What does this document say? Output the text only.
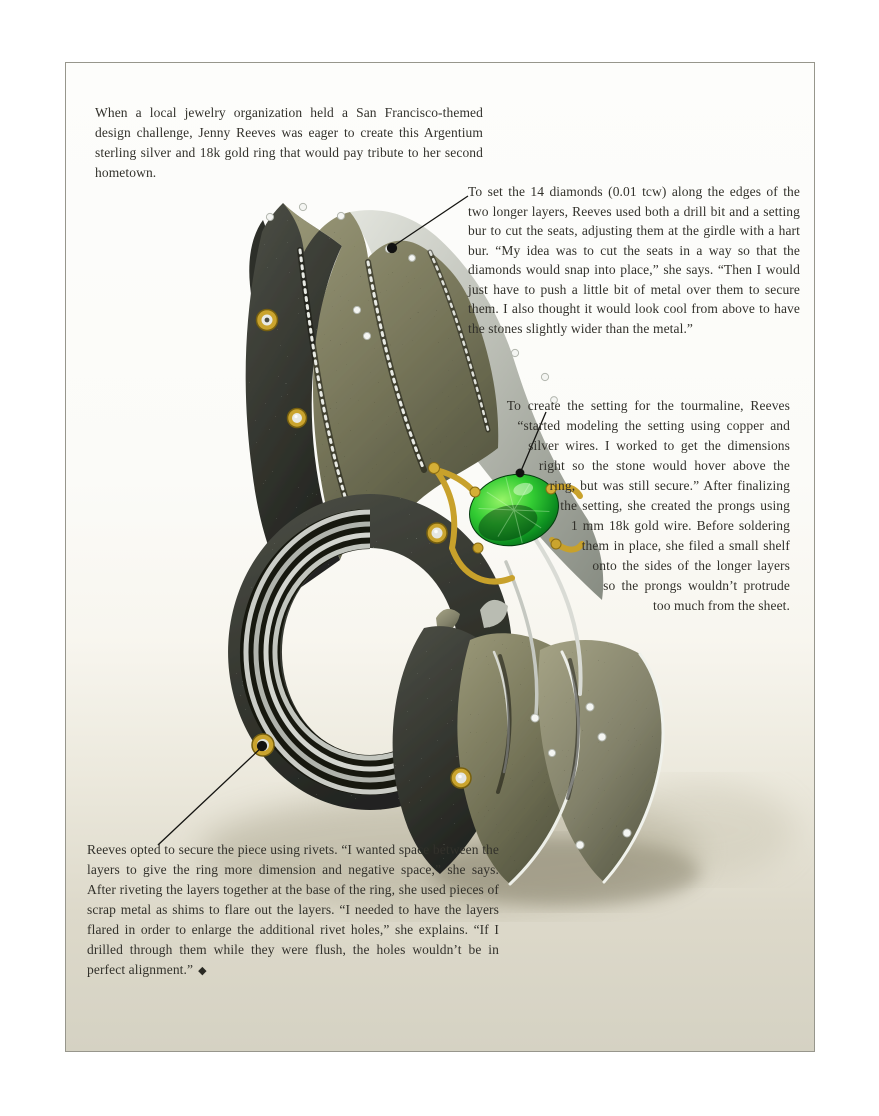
When a local jewelry organization held a San Francisco-themed design challenge, Jenny Reeves was eager to create this Argentium sterling silver and 18k gold ring that would pay tribute to her second hometown.
To set the 14 diamonds (0.01 tcw) along the edges of the two longer layers, Reeves used both a drill bit and a setting bur to cut the seats, adjusting them at the girdle with a hart bur. “My idea was to cut the seats in a way so that the diamonds would snap into place,” she says. “Then I would just have to push a little bit of metal over them to secure them. I also thought it would look cool from above to have the stones slightly wider than the metal.”
To create the setting for the tourmaline, Reeves “started modeling the setting using copper and silver wires. I worked to get the dimensions right so the stone would hover above the ring, but was still secure.” After finalizing the setting, she created the prongs using 1 mm 18k gold wire. Before soldering them in place, she filed a small shelf onto the sides of the longer layers so the prongs wouldn’t protrude too much from the sheet.
Reeves opted to secure the piece using rivets. “I wanted space between the layers to give the ring more dimension and negative space,” she says. After riveting the layers together at the base of the ring, she used pieces of scrap metal as shims to flare out the layers. “I needed to have the layers flared in order to enlarge the additional rivet holes,” she explains. “If I drilled through them while they were flush, the holes wouldn’t be in perfect alignment.” ◆
